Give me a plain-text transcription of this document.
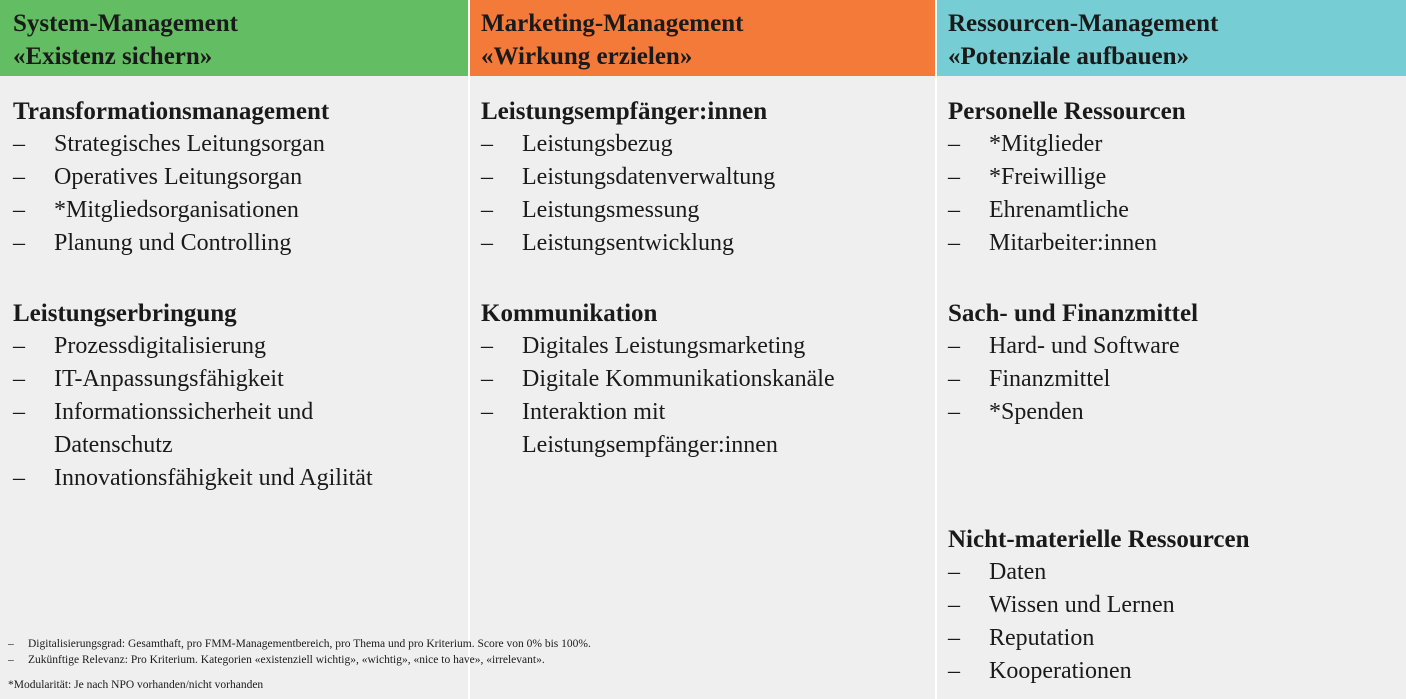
System-Management
«Existenz sichern»
Transformationsmanagement
– Strategisches Leitungsorgan
– Operatives Leitungsorgan
– *Mitgliedsorganisationen
– Planung und Controlling
Leistungserbringung
– Prozessdigitalisierung
– IT-Anpassungsfähigkeit
– Informationssicherheit und Datenschutz
– Innovationsfähigkeit und Agilität
Marketing-Management
«Wirkung erzielen»
Leistungsempfänger:innen
– Leistungsbezug
– Leistungsdatenverwaltung
– Leistungsmessung
– Leistungsentwicklung
Kommunikation
– Digitales Leistungsmarketing
– Digitale Kommunikationskanäle
– Interaktion mit Leistungsempfänger:innen
Ressourcen-Management
«Potenziale aufbauen»
Personelle Ressourcen
– *Mitglieder
– *Freiwillige
– Ehrenamtliche
– Mitarbeiter:innen
Sach- und Finanzmittel
– Hard- und Software
– Finanzmittel
– *Spenden
Nicht-materielle Ressourcen
– Daten
– Wissen und Lernen
– Reputation
– Kooperationen
– Digitalisierungsgrad: Gesamthaft, pro FMM-Managementbereich, pro Thema und pro Kriterium. Score von 0% bis 100%.
– Zukünftige Relevanz: Pro Kriterium. Kategorien «existenziell wichtig», «wichtig», «nice to have», «irrelevant».
*Modularität: Je nach NPO vorhanden/nicht vorhanden
